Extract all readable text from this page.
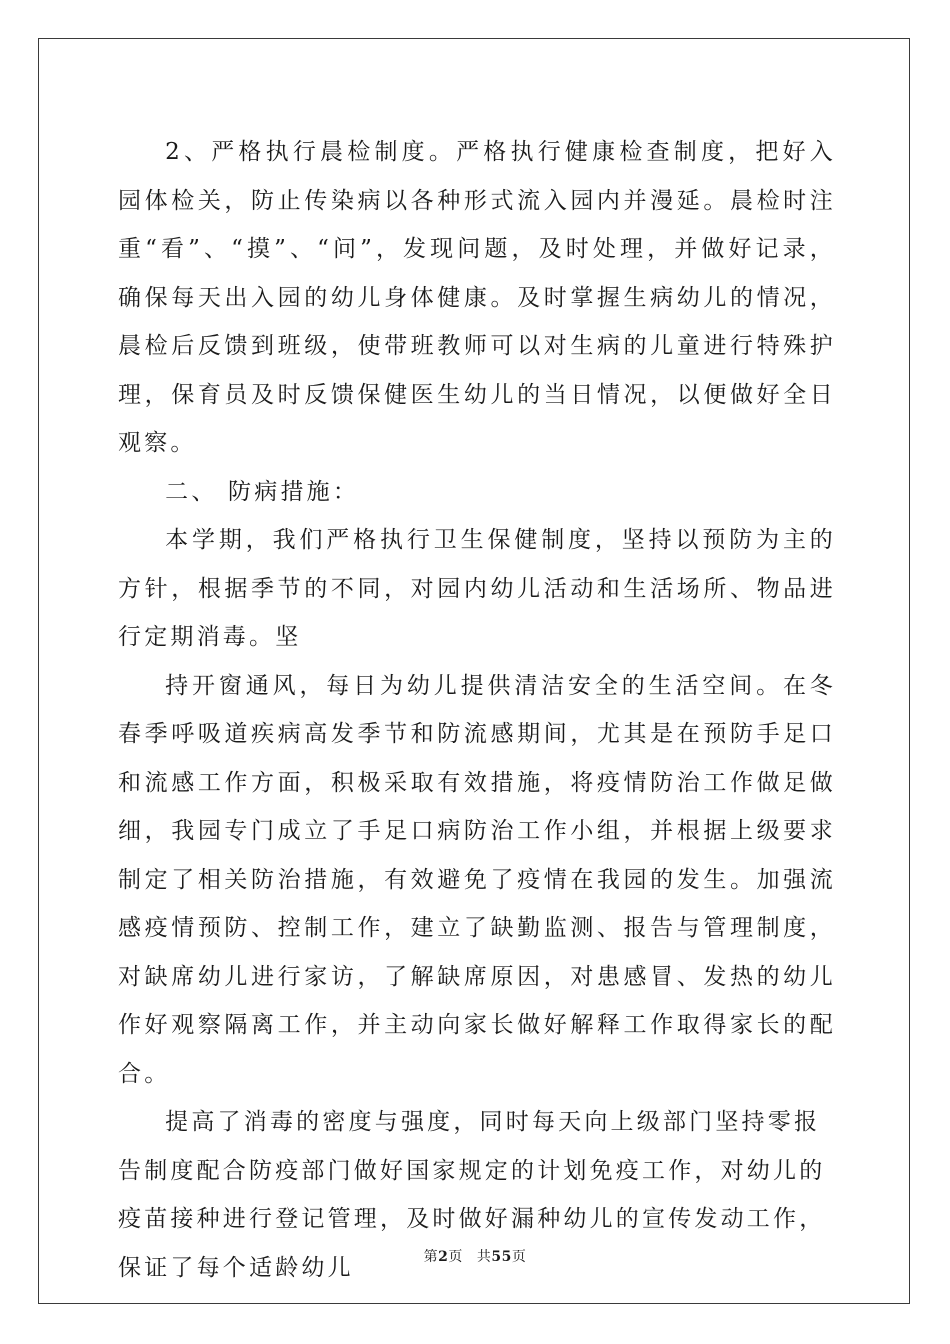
2、严格执行晨检制度。严格执行健康检查制度，把好入园体检关，防止传染病以各种形式流入园内并漫延。晨检时注重“看”、“摸”、“问”，发现问题，及时处理，并做好记录，确保每天出入园的幼儿身体健康。及时掌握生病幼儿的情况，晨检后反馈到班级，使带班教师可以对生病的儿童进行特殊护理，保育员及时反馈保健医生幼儿的当日情况，以便做好全日观察。

二、 防病措施：

本学期，我们严格执行卫生保健制度，坚持以预防为主的方针，根据季节的不同，对园内幼儿活动和生活场所、物品进行定期消毒。坚

持开窗通风，每日为幼儿提供清洁安全的生活空间。在冬春季呼吸道疾病高发季节和防流感期间，尤其是在预防手足口和流感工作方面，积极采取有效措施，将疫情防治工作做足做细，我园专门成立了手足口病防治工作小组，并根据上级要求制定了相关防治措施，有效避免了疫情在我园的发生。加强流感疫情预防、控制工作，建立了缺勤监测、报告与管理制度，对缺席幼儿进行家访，了解缺席原因，对患感冒、发热的幼儿作好观察隔离工作，并主动向家长做好解释工作取得家长的配合。

提高了消毒的密度与强度，同时每天向上级部门坚持零报告制度配合防疫部门做好国家规定的计划免疫工作，对幼儿的疫苗接种进行登记管理，及时做好漏种幼儿的宣传发动工作，保证了每个适龄幼儿	第2页 共55页
